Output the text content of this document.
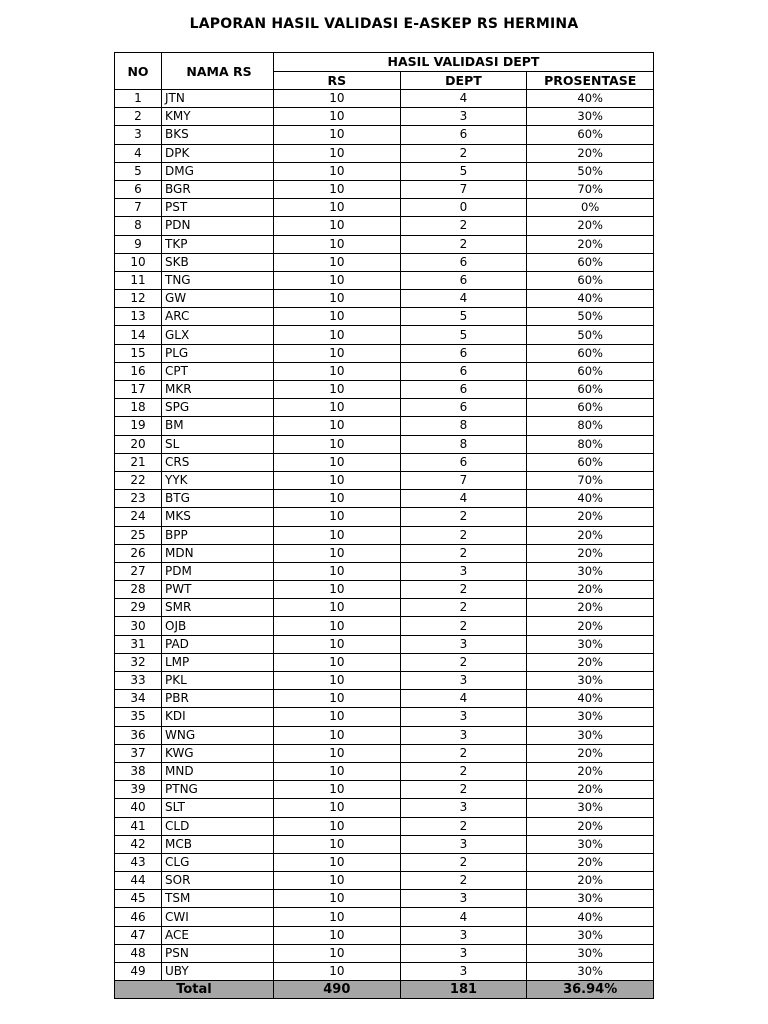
LAPORAN HASIL VALIDASI E-ASKEP RS HERMINA
NO	NAMA RS	HASIL VALIDASI DEPT		
		RS	DEPT	PROSENTASE
1	JTN	10	4	40%
2	KMY	10	3	30%
3	BKS	10	6	60%
4	DPK	10	2	20%
5	DMG	10	5	50%
6	BGR	10	7	70%
7	PST	10	0	0%
8	PDN	10	2	20%
9	TKP	10	2	20%
10	SKB	10	6	60%
11	TNG	10	6	60%
12	GW	10	4	40%
13	ARC	10	5	50%
14	GLX	10	5	50%
15	PLG	10	6	60%
16	CPT	10	6	60%
17	MKR	10	6	60%
18	SPG	10	6	60%
19	BM	10	8	80%
20	SL	10	8	80%
21	CRS	10	6	60%
22	YYK	10	7	70%
23	BTG	10	4	40%
24	MKS	10	2	20%
25	BPP	10	2	20%
26	MDN	10	2	20%
27	PDM	10	3	30%
28	PWT	10	2	20%
29	SMR	10	2	20%
30	OJB	10	2	20%
31	PAD	10	3	30%
32	LMP	10	2	20%
33	PKL	10	3	30%
34	PBR	10	4	40%
35	KDI	10	3	30%
36	WNG	10	3	30%
37	KWG	10	2	20%
38	MND	10	2	20%
39	PTNG	10	2	20%
40	SLT	10	3	30%
41	CLD	10	2	20%
42	MCB	10	3	30%
43	CLG	10	2	20%
44	SOR	10	2	20%
45	TSM	10	3	30%
46	CWI	10	4	40%
47	ACE	10	3	30%
48	PSN	10	3	30%
49	UBY	10	3	30%
Total		490	181	36.94%
